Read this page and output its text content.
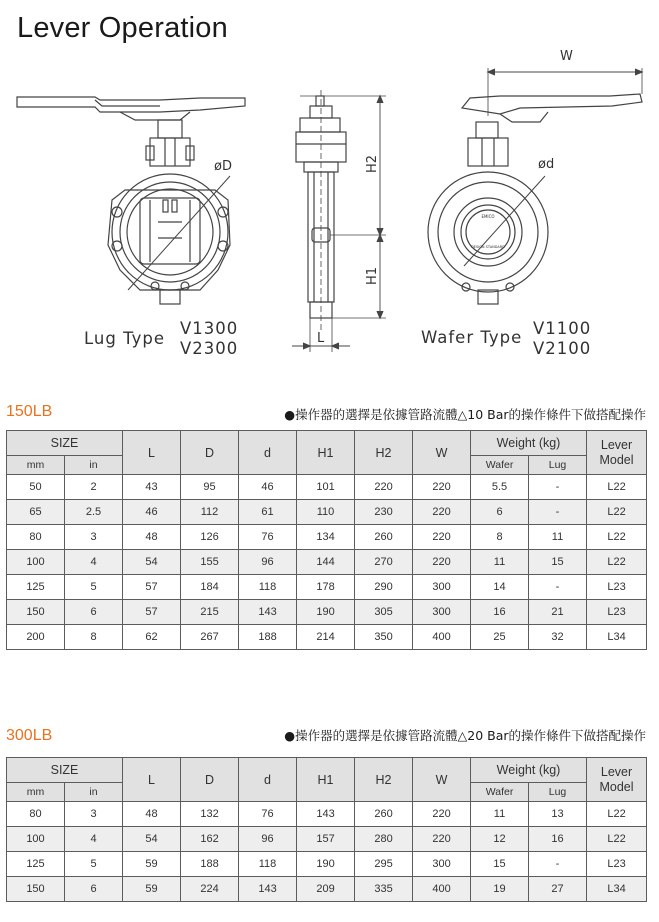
Lever Operation
W
øD	ød
H2
H1
L
Lug Type
V1300
V2300
Wafer Type V1100
V2100
EMICO
DESIGN STANDARD
150LB	●操作器的選擇是依據管路流體△10 Bar的操作條件下做搭配操作
SIZE		L	D	d	H1	H2	W	Weight (kg)		Lever
Model
mm	in							Wafer	Lug	
50	2	43	95	46	101	220	220	5.5	-	L22
65	2.5	46	112	61	110	230	220	6	-	L22
80	3	48	126	76	134	260	220	8	11	L22
100	4	54	155	96	144	270	220	11	15	L22
125	5	57	184	118	178	290	300	14	-	L23
150	6	57	215	143	190	305	300	16	21	L23
200	8	62	267	188	214	350	400	25	32	L34
300LB	●操作器的選擇是依據管路流體△20 Bar的操作條件下做搭配操作
SIZE		L	D	d	H1	H2	W	Weight (kg)		Lever
Model
mm	in							Wafer	Lug	
80	3	48	132	76	143	260	220	11	13	L22
100	4	54	162	96	157	280	220	12	16	L22
125	5	59	188	118	190	295	300	15	-	L23
150	6	59	224	143	209	335	400	19	27	L34
